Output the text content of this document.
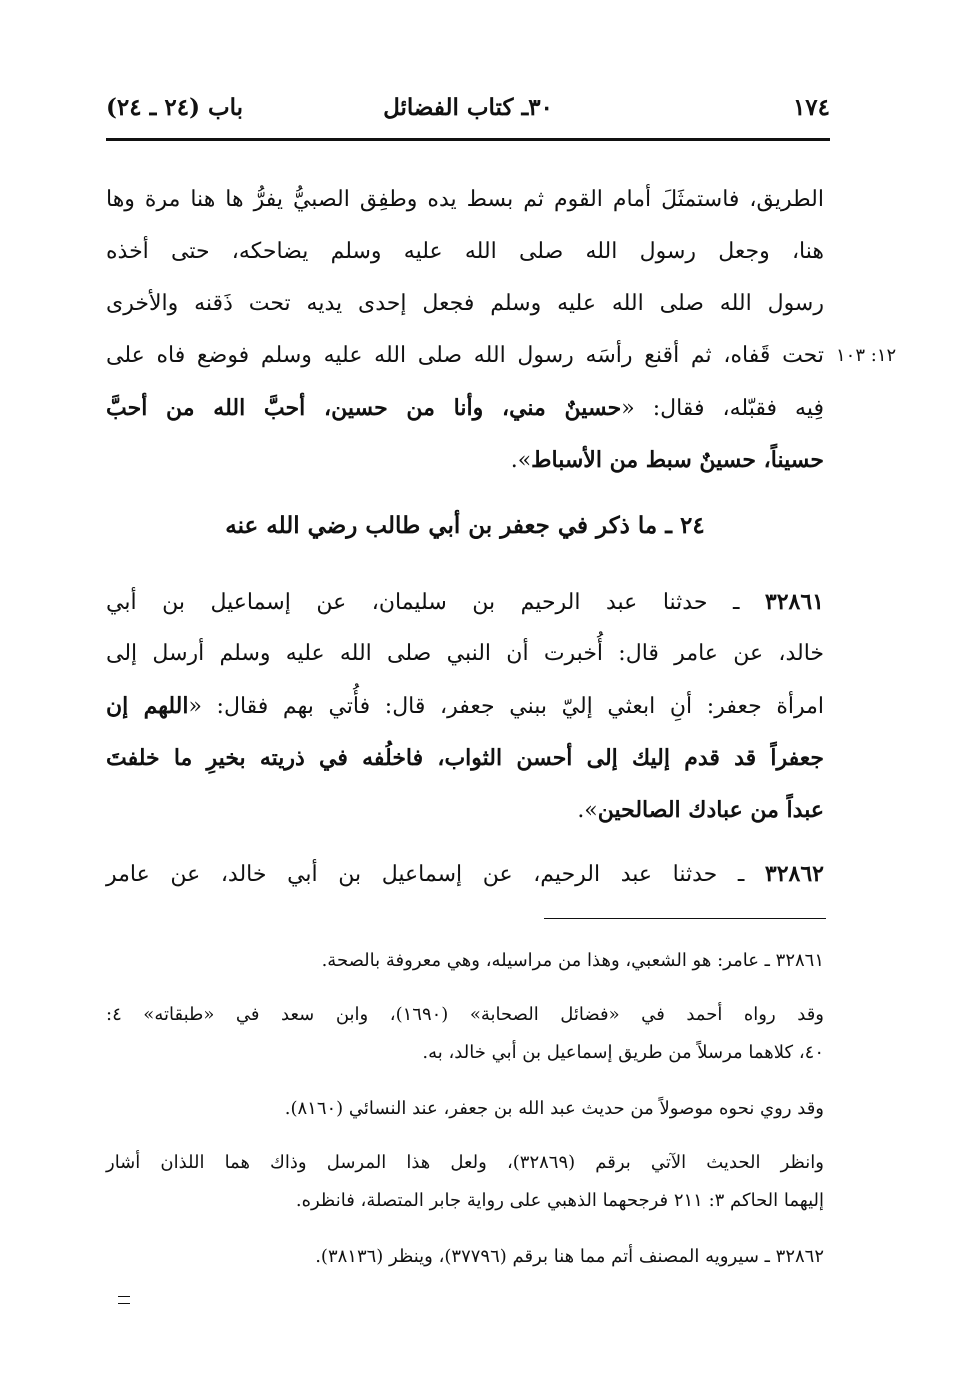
١٧٤
٣٠ـ كتاب الفضائل
باب (٢٤ ـ ٢٤)
١٢: ١٠٣
الطريق، فاستمثَلَ أمام القوم ثم بسط يده وطفِق الصبيُّ يفرُّ ها هنا مرة وها
هنا، وجعل رسول الله صلى الله عليه وسلم يضاحكه، حتى أخذه
رسول الله صلى الله عليه وسلم فجعل إحدى يديه تحت ذَقنه والأخرى
تحت قَفاه، ثم أقنع رأسَه رسول الله صلى الله عليه وسلم فوضع فاه على
فِيه فقبّله، فقال: «حسينٌ مني، وأنا من حسين، أحبَّ الله من أحبَّ
حسيناً، حسينٌ سبط من الأسباط».
٢٤ ـ ما ذكر في جعفر بن أبي طالب رضي الله عنه
٣٢٨٦١ ـ حدثنا عبد الرحيم بن سليمان، عن إسماعيل بن أبي
خالد، عن عامر قال: أُخبرت أن النبي صلى الله عليه وسلم أرسل إلى
امرأة جعفر: أنِ ابعثي إليّ ببني جعفر، قال: فأُتي بهم فقال: «اللهم إن
جعفراً قد قدم إليك إلى أحسن الثواب، فاخلُفه في ذريته بخيرِ ما خلفتَ
عبداً من عبادك الصالحين».
٣٢٨٦٢ ـ حدثنا عبد الرحيم، عن إسماعيل بن أبي خالد، عن عامر
٣٢٨٦١ ـ عامر: هو الشعبي، وهذا من مراسيله، وهي معروفة بالصحة.
وقد رواه أحمد في «فضائل الصحابة» (١٦٩٠)، وابن سعد في «طبقاته» ٤:
٤٠، كلاهما مرسلاً من طريق إسماعيل بن أبي خالد، به.
وقد روي نحوه موصولاً من حديث عبد الله بن جعفر، عند النسائي (٨١٦٠).
وانظر الحديث الآتي برقم (٣٢٨٦٩)، ولعل هذا المرسل وذاك هما اللذان أشار
إليهما الحاكم ٣: ٢١١ فرجحهما الذهبي على رواية جابر المتصلة، فانظره.
٣٢٨٦٢ ـ سيرويه المصنف أتم مما هنا برقم (٣٧٧٩٦)، وينظر (٣٨١٣٦).
